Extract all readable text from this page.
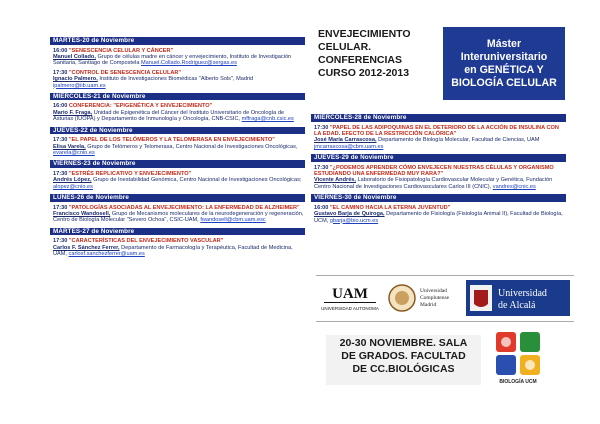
MARTES-20 de Noviembre
16:00 "SENESCENCIA CELULAR Y CÁNCER"
Manuel Collado, Grupo de células madre en cáncer y envejecimiento, Instituto de Investigación Sanitaria, Santiago de Compostela Manuel.Collado.Rodriguez@sergas.es
17:30 "CONTROL DE SENESCENCIA CELULAR"
Ignacio Palmero, Instituto de Investigaciones Biomédicas "Alberto Sols", Madrid ipalmero@iib.uam.es
MIÉRCOLES-21 de Noviembre
16:00 CONFERENCIA: "EPIGENÉTICA Y ENVEJECIMIENTO"
Mario F. Fraga, Unidad de Epigenética del Cáncer del Instituto Universitario de Oncología de Asturias (IUOPA) y Departamento de Inmunología y Oncología, CNB-CSIC, mffraga@cnb.csic.es
JUEVES-22 de Noviembre
17:30 "EL PAPEL DE LOS TELÓMEROS Y LA TELOMERASA EN ENVEJECIMIENTO"
Elisa Varela, Grupo de Telómeros y Telomerasa, Centro Nacional de Investigaciones Oncológicas, evarela@cnio.es
VIERNES-23 de Noviembre
17:30 "ESTRÉS REPLICATIVO Y ENVEJECIMIENTO"
Andrés López, Grupo de Inestabilidad Genómica, Centro Nacional de Investigaciones Oncológicas; alopez@cnio.es
LUNES-26 de Noviembre
17:30 "PATOLOGÍAS ASOCIADAS AL ENVEJECIMIENTO: LA ENFERMEDAD DE ALZHEIMER"
Francisco Wandosell, Grupo de Mecanismos moleculares de la neurodegeneración y regeneración, Centro de Biología Molecular "Severo Ochoa", CSIC-UAM, fwandosell@cbm.uam.esc
MARTES-27 de Noviembre
17:30 "CARACTERÍSTICAS DEL ENVEJECIMIENTO VASCULAR"
Carlos F. Sánchez Ferrer, Departamento de Farmacología y Terapéutica, Facultad de Medicina, UAM, carlosf.sanchezferrer@uam.es
ENVEJECIMIENTO
CELULAR.
CONFERENCIAS
CURSO 2012-2013
Máster
Interuniversitario
en GENÉTICA Y
BIOLOGÍA CELULAR
MIÉRCOLES-28 de Noviembre
17:30 "PAPEL DE LAS ADIPOQUINAS EN EL DETERIORO DE LA ACCIÓN DE INSULINA CON LA EDAD. EFECTO DE LA RESTRICCIÓN CALÓRICA"
José María Carrascosa, Departamento de Biología Molecular, Facultad de Ciencias, UAM jmcarrascosa@cbm.uam.es
JUEVES-29 de Noviembre
17:30 "¿PODEMOS APRENDER CÓMO ENVEJECEN NUESTRAS CÉLULAS Y ORGANISMO ESTUDIANDO UNA ENFERMEDAD MUY RARA?"
Vicente Andrés, Laboratorio de Fisiopatología Cardiovascular Molecular y Genética, Fundación Centro Nacional de Investigaciones Cardiovasculares Carlos III (CNIC), vandres@cnic.es
VIERNES-30 de Noviembre
16:00 "EL CAMINO HACIA LA ETERNA JUVENTUD"
Gustavo Barja de Quiroga, Departamento de Fisiología (Fisiología Animal II), Facultad de Biología, UCM, gbarja@bio.ucm.es
UAM
UNIVERSIDAD AUTONOMA
Universidad
Complutense
Madrid
Universidad
de Alcalá
20-30 NOVIEMBRE. SALA
DE GRADOS. FACULTAD
DE CC.BIOLÓGICAS
BIOLOGÍA UCM
